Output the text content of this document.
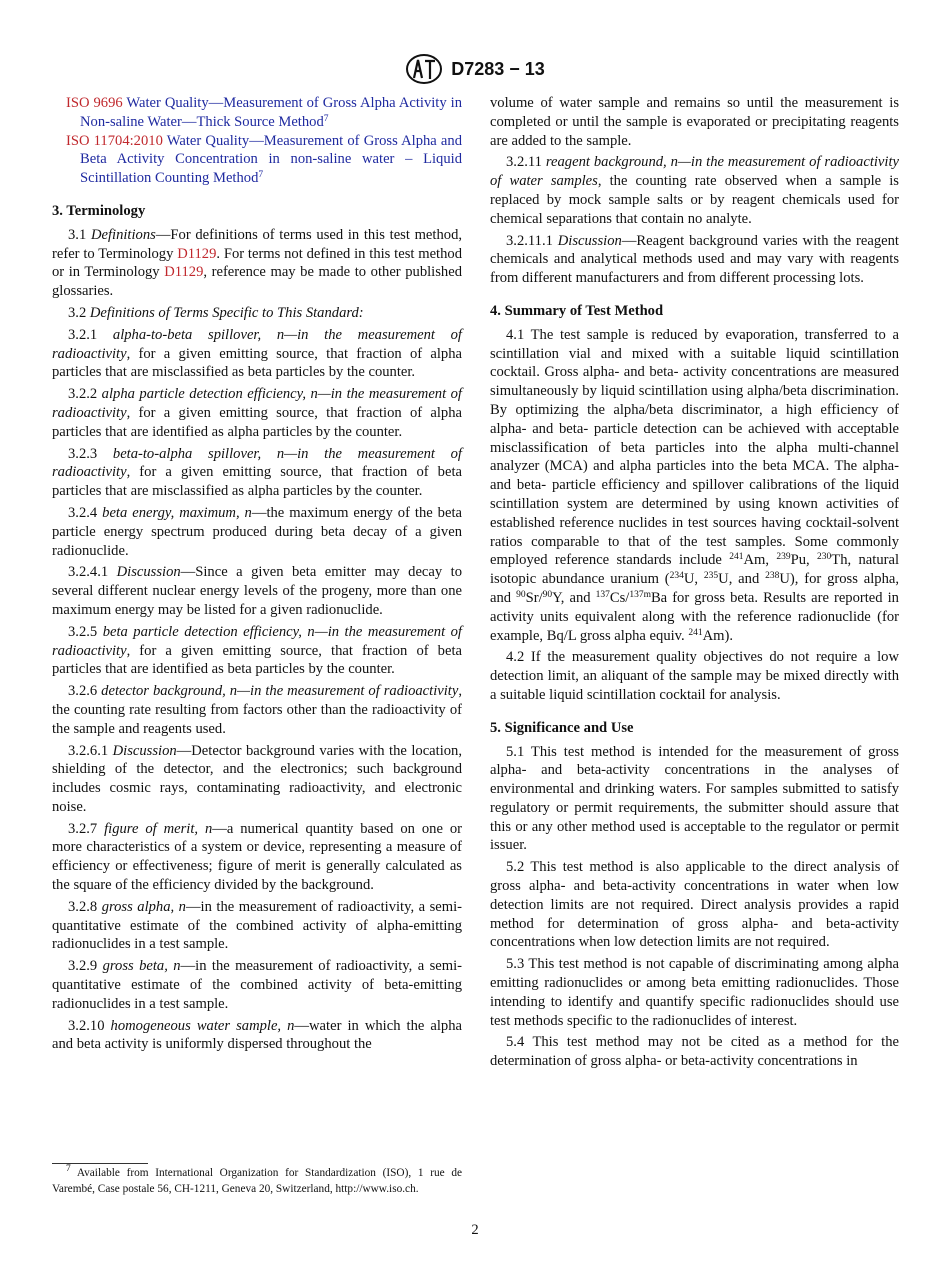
D7283 − 13
ISO 9696 Water Quality—Measurement of Gross Alpha Activity in Non-saline Water—Thick Source Method$^7$
ISO 11704:2010 Water Quality—Measurement of Gross Alpha and Beta Activity Concentration in non-saline water – Liquid Scintillation Counting Method$^7$
3. Terminology

3.1 Definitions—For definitions of terms used in this test method, refer to Terminology D1129. For terms not defined in this test method or in Terminology D1129, reference may be made to other published glossaries.

3.2 Definitions of Terms Specific to This Standard:

3.2.1 alpha-to-beta spillover, n—in the measurement of radioactivity, for a given emitting source, that fraction of alpha particles that are misclassified as beta particles by the counter.

3.2.2 alpha particle detection efficiency, n—in the measurement of radioactivity, for a given emitting source, that fraction of alpha particles that are identified as alpha particles by the counter.

3.2.3 beta-to-alpha spillover, n—in the measurement of radioactivity, for a given emitting source, that fraction of beta particles that are misclassified as alpha particles by the counter.

3.2.4 beta energy, maximum, n—the maximum energy of the beta particle energy spectrum produced during beta decay of a given radionuclide.

3.2.4.1 Discussion—Since a given beta emitter may decay to several different nuclear energy levels of the progeny, more than one maximum energy may be listed for a given radionuclide.

3.2.5 beta particle detection efficiency, n—in the measurement of radioactivity, for a given emitting source, that fraction of beta particles that are identified as beta particles by the counter.

3.2.6 detector background, n—in the measurement of radioactivity, the counting rate resulting from factors other than the radioactivity of the sample and reagents used.

3.2.6.1 Discussion—Detector background varies with the location, shielding of the detector, and the electronics; such background includes cosmic rays, contaminating radioactivity, and electronic noise.

3.2.7 figure of merit, n—a numerical quantity based on one or more characteristics of a system or device, representing a measure of efficiency or effectiveness; figure of merit is generally calculated as the square of the efficiency divided by the background.

3.2.8 gross alpha, n—in the measurement of radioactivity, a semi-quantitative estimate of the combined activity of alpha-emitting radionuclides in a test sample.

3.2.9 gross beta, n—in the measurement of radioactivity, a semi-quantitative estimate of the combined activity of beta-emitting radionuclides in a test sample.

3.2.10 homogeneous water sample, n—water in which the alpha and beta activity is uniformly dispersed throughout the

volume of water sample and remains so until the measurement is completed or until the sample is evaporated or precipitating reagents are added to the sample.

3.2.11 reagent background, n—in the measurement of radioactivity of water samples, the counting rate observed when a sample is replaced by mock sample salts or by reagent chemicals used for chemical separations that contain no analyte.

3.2.11.1 Discussion—Reagent background varies with the reagent chemicals and analytical methods used and may vary with reagents from different manufacturers and from different processing lots.

4. Summary of Test Method

4.1 The test sample is reduced by evaporation, transferred to a scintillation vial and mixed with a suitable liquid scintillation cocktail. Gross alpha- and beta- activity concentrations are measured simultaneously by liquid scintillation using alpha/beta discrimination. By optimizing the alpha/beta discriminator, a high efficiency of alpha- and beta- particle detection can be achieved with acceptable misclassification of beta particles into the alpha multi-channel analyzer (MCA) and alpha particles into the beta MCA. The alpha- and beta- particle efficiency and spillover calibrations of the liquid scintillation system are determined by using known activities of established reference nuclides in test sources having cocktail-solvent ratios comparable to that of the test samples. Some commonly employed reference standards include $^{241}$Am, $^{239}$Pu, $^{230}$Th, natural isotopic abundance uranium ($^{234}$U, $^{235}$U, and $^{238}$U), for gross alpha, and $^{90}$Sr/$^{90}$Y, and $^{137}$Cs/$^{137m}$Ba for gross beta. Results are reported in activity units equivalent along with the reference radionuclide (for example, Bq/L gross alpha equiv. $^{241}$Am).

4.2 If the measurement quality objectives do not require a low detection limit, an aliquant of the sample may be mixed directly with a suitable liquid scintillation cocktail for analysis.

5. Significance and Use

5.1 This test method is intended for the measurement of gross alpha- and beta-activity concentrations in the analyses of environmental and drinking waters. For samples submitted to satisfy regulatory or permit requirements, the submitter should assure that this or any other method used is acceptable to the regulator or permit issuer.

5.2 This test method is also applicable to the direct analysis of gross alpha- and beta-activity concentrations in water when low detection limits are not required. Direct analysis provides a rapid method for determination of gross alpha- and beta-activity concentrations when low detection limits are not required.

5.3 This test method is not capable of discriminating among alpha emitting radionuclides or among beta emitting radionuclides. Those intending to identify and quantify specific radionuclides should use test methods specific to the radionuclides of interest.

5.4 This test method may not be cited as a method for the determination of gross alpha- or beta-activity concentrations in

$^7$ Available from International Organization for Standardization (ISO), 1 rue de Varembé, Case postale 56, CH-1211, Geneva 20, Switzerland, http://www.iso.ch.
2
